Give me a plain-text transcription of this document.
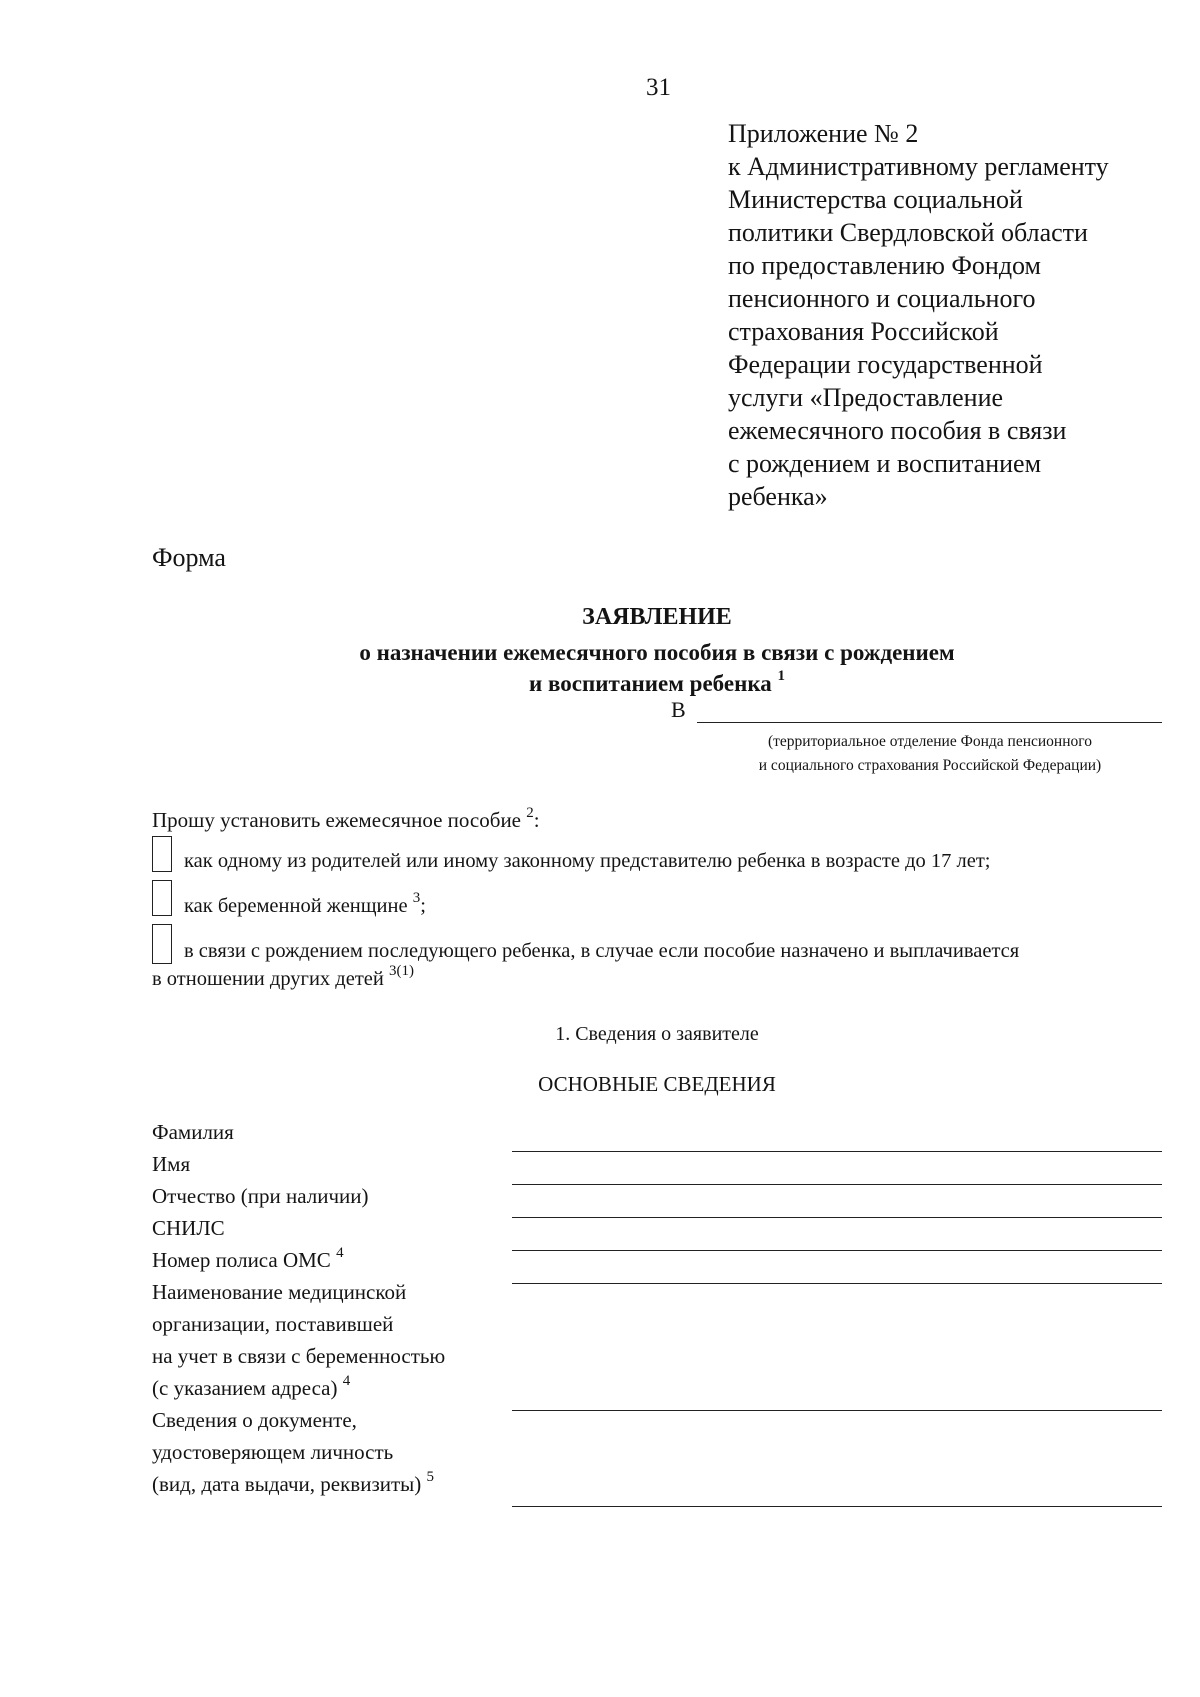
31
Приложение № 2
к Административному регламенту
Министерства социальной
политики Свердловской области
по предоставлению Фондом
пенсионного и социального
страхования Российской
Федерации государственной
услуги «Предоставление
ежемесячного пособия в связи
с рождением и воспитанием
ребенка»
Форма
ЗАЯВЛЕНИЕ
о назначении ежемесячного пособия в связи с рождением
и воспитанием ребенка $^1$
В
(территориальное отделение Фонда пенсионного
и социального страхования Российской Федерации)
Прошу установить ежемесячное пособие $^2$:
как одному из родителей или иному законному представителю ребенка в возрасте до 17 лет;
как беременной женщине $^3$;
в связи с рождением последующего ребенка, в случае если пособие назначено и выплачивается
в отношении других детей $^{3(1)}$
1. Сведения о заявителе
ОСНОВНЫЕ СВЕДЕНИЯ
Фамилия
Имя
Отчество (при наличии)
СНИЛС
Номер полиса ОМС $^4$
Наименование медицинской
организации, поставившей
на учет в связи с беременностью
(с указанием адреса) $^4$
Сведения о документе,
удостоверяющем личность
(вид, дата выдачи, реквизиты) $^5$
